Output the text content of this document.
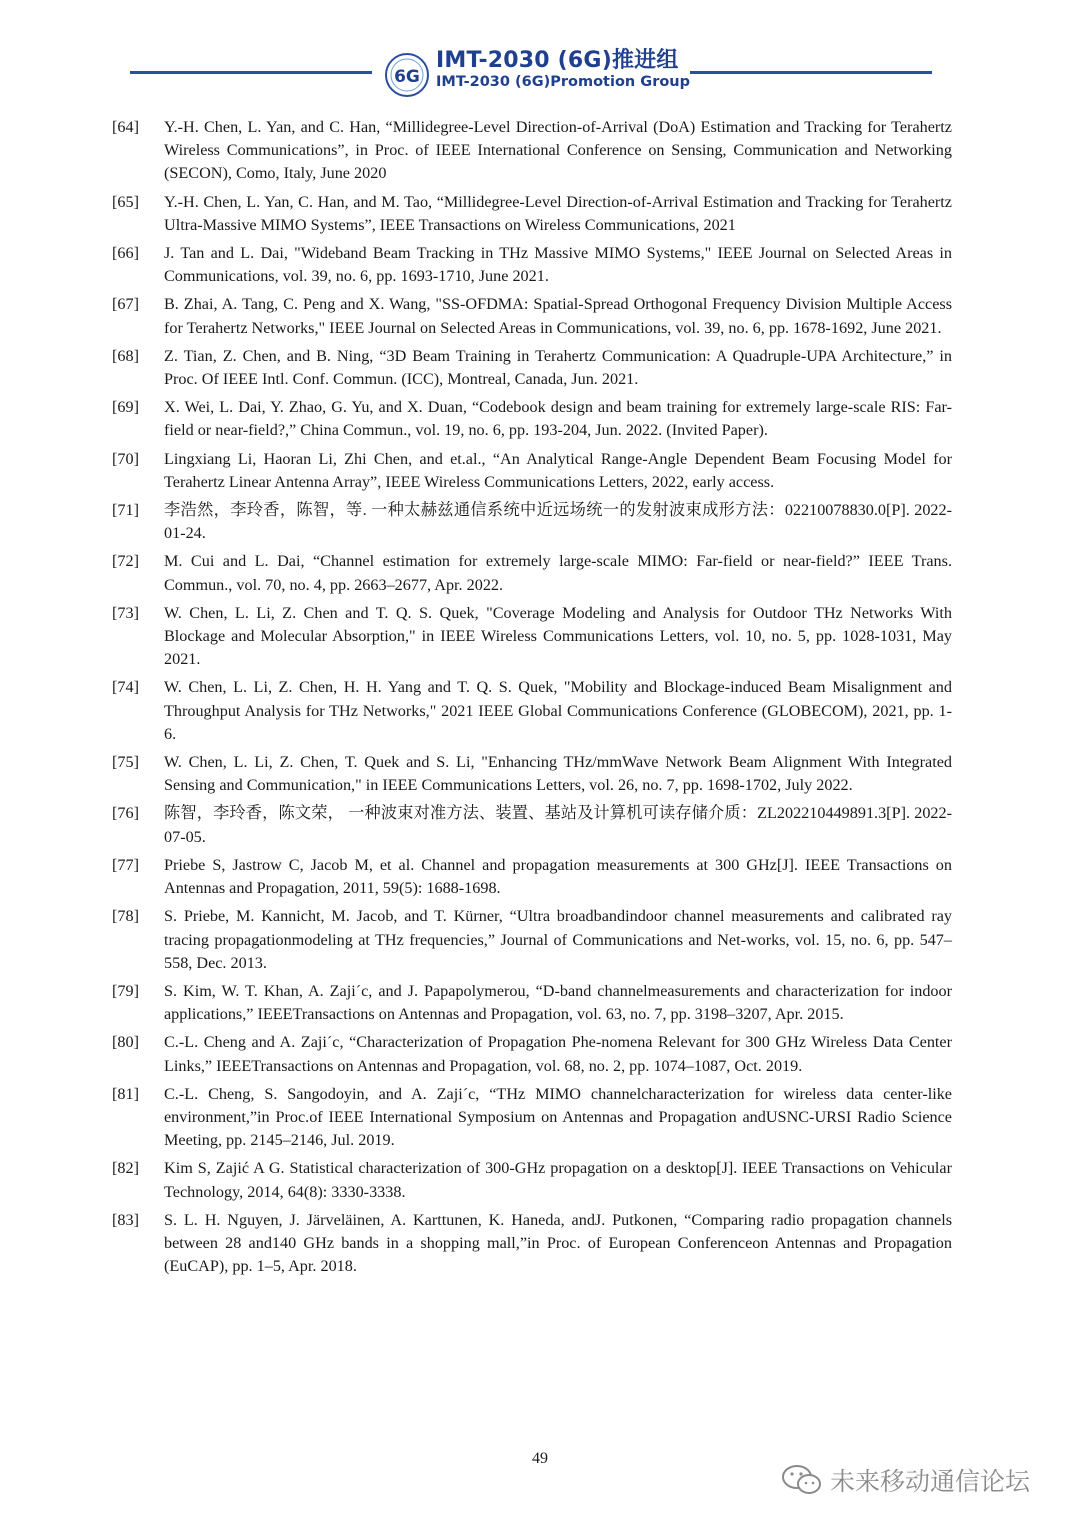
6G
IMT-2030 (6G)推进组
IMT-2030 (6G)Promotion Group
[64]	Y.-H. Chen, L. Yan, and C. Han, “Millidegree-Level Direction-of-Arrival (DoA) Estimation and Tracking for Terahertz Wireless Communications”, in Proc. of IEEE International Conference on Sensing, Communication and Networking (SECON), Como, Italy, June 2020
[65]	Y.-H. Chen, L. Yan, C. Han, and M. Tao, “Millidegree-Level Direction-of-Arrival Estimation and Tracking for Terahertz Ultra-Massive MIMO Systems”, IEEE Transactions on Wireless Communications, 2021
[66]	J. Tan and L. Dai, "Wideband Beam Tracking in THz Massive MIMO Systems," IEEE Journal on Selected Areas in Communications, vol. 39, no. 6, pp. 1693-1710, June 2021.
[67]	B. Zhai, A. Tang, C. Peng and X. Wang, "SS-OFDMA: Spatial-Spread Orthogonal Frequency Division Multiple Access for Terahertz Networks," IEEE Journal on Selected Areas in Communications, vol. 39, no. 6, pp. 1678-1692, June 2021.
[68]	Z. Tian, Z. Chen, and B. Ning, “3D Beam Training in Terahertz Communication: A Quadruple-UPA Architecture,” in Proc. Of IEEE Intl. Conf. Commun. (ICC), Montreal, Canada, Jun. 2021.
[69]	X. Wei, L. Dai, Y. Zhao, G. Yu, and X. Duan, “Codebook design and beam training for extremely large-scale RIS: Far-field or near-field?,” China Commun., vol. 19, no. 6, pp. 193-204, Jun. 2022. (Invited Paper).
[70]	Lingxiang Li, Haoran Li, Zhi Chen, and et.al., “An Analytical Range-Angle Dependent Beam Focusing Model for Terahertz Linear Antenna Array”, IEEE Wireless Communications Letters, 2022, early access.
[71]	李浩然，李玲香，陈智，等. 一种太赫兹通信系统中近远场统一的发射波束成形方法：02210078830.0[P]. 2022-01-24.
[72]	M. Cui and L. Dai, “Channel estimation for extremely large-scale MIMO: Far-field or near-field?” IEEE Trans. Commun., vol. 70, no. 4, pp. 2663–2677, Apr. 2022.
[73]	W. Chen, L. Li, Z. Chen and T. Q. S. Quek, "Coverage Modeling and Analysis for Outdoor THz Networks With Blockage and Molecular Absorption," in IEEE Wireless Communications Letters, vol. 10, no. 5, pp. 1028-1031, May 2021.
[74]	W. Chen, L. Li, Z. Chen, H. H. Yang and T. Q. S. Quek, "Mobility and Blockage-induced Beam Misalignment and Throughput Analysis for THz Networks," 2021 IEEE Global Communications Conference (GLOBECOM), 2021, pp. 1-6.
[75]	W. Chen, L. Li, Z. Chen, T. Quek and S. Li, "Enhancing THz/mmWave Network Beam Alignment With Integrated Sensing and Communication," in IEEE Communications Letters, vol. 26, no. 7, pp. 1698-1702, July 2022.
[76]	陈智，李玲香，陈文荣， 一种波束对准方法、装置、基站及计算机可读存储介质：ZL202210449891.3[P]. 2022-07-05.
[77]	Priebe S, Jastrow C, Jacob M, et al. Channel and propagation measurements at 300 GHz[J]. IEEE Transactions on Antennas and Propagation, 2011, 59(5): 1688-1698.
[78]	S. Priebe, M. Kannicht, M. Jacob, and T. Kürner, “Ultra broadbandindoor channel measurements and calibrated ray tracing propagationmodeling at THz frequencies,” Journal of Communications and Net-works, vol. 15, no. 6, pp. 547–558, Dec. 2013.
[79]	S. Kim, W. T. Khan, A. Zaji´c, and J. Papapolymerou, “D-band channelmeasurements and characterization for indoor applications,” IEEETransactions on Antennas and Propagation, vol. 63, no. 7, pp. 3198–3207, Apr. 2015.
[80]	C.-L. Cheng and A. Zaji´c, “Characterization of Propagation Phe-nomena Relevant for 300 GHz Wireless Data Center Links,” IEEETransactions on Antennas and Propagation, vol. 68, no. 2, pp. 1074–1087, Oct. 2019.
[81]	C.-L. Cheng, S. Sangodoyin, and A. Zaji´c, “THz MIMO channelcharacterization for wireless data center-like environment,”in Proc.of IEEE International Symposium on Antennas and Propagation andUSNC-URSI Radio Science Meeting, pp. 2145–2146, Jul. 2019.
[82]	Kim S, Zajić A G. Statistical characterization of 300-GHz propagation on a desktop[J]. IEEE Transactions on Vehicular Technology, 2014, 64(8): 3330-3338.
[83]	S. L. H. Nguyen, J. Järveläinen, A. Karttunen, K. Haneda, andJ. Putkonen, “Comparing radio propagation channels between 28 and140 GHz bands in a shopping mall,”in Proc. of European Conferenceon Antennas and Propagation (EuCAP), pp. 1–5, Apr. 2018.
49
未来移动通信论坛
